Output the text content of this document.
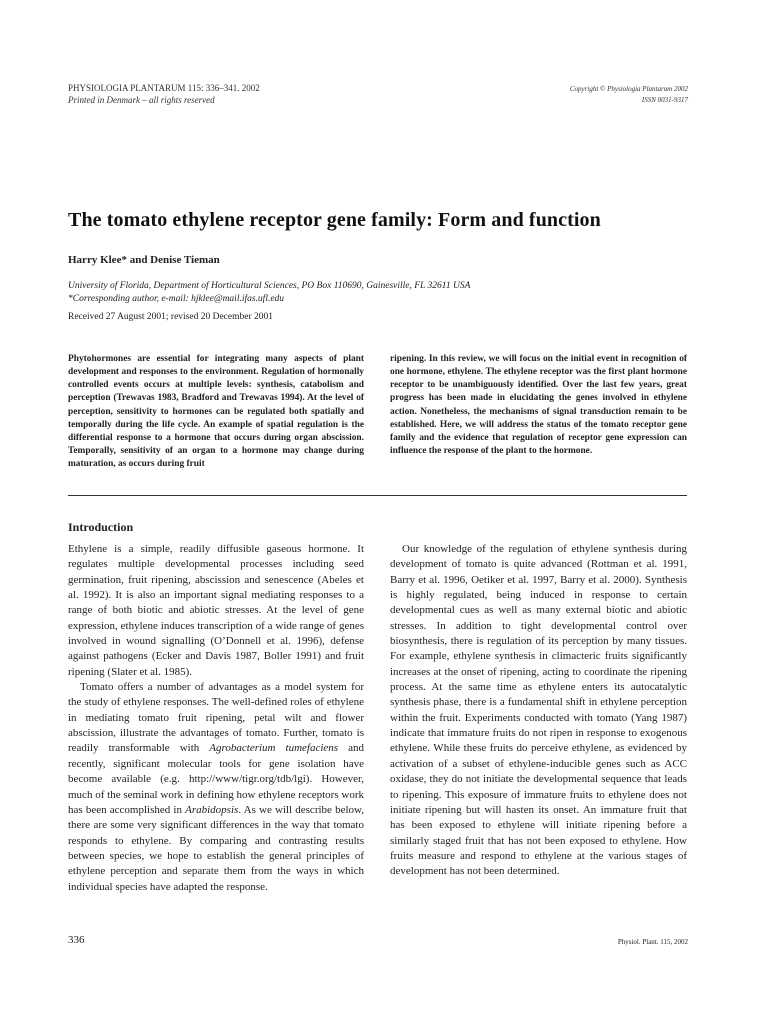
PHYSIOLOGIA PLANTARUM 115: 336–341. 2002
Printed in Denmark – all rights reserved
Copyright © Physiologia Plantarum 2002
ISSN 0031-9317
The tomato ethylene receptor gene family: Form and function
Harry Klee* and Denise Tieman
University of Florida, Department of Horticultural Sciences, PO Box 110690, Gainesville, FL 32611 USA
*Corresponding author, e-mail: hjklee@mail.ifas.ufl.edu
Received 27 August 2001; revised 20 December 2001
Phytohormones are essential for integrating many aspects of plant development and responses to the environment. Regulation of hormonally controlled events occurs at multiple levels: synthesis, catabolism and perception (Trewavas 1983, Bradford and Trewavas 1994). At the level of perception, sensitivity to hormones can be regulated both spatially and temporally during the life cycle. An example of spatial regulation is the differential response to a hormone that occurs during organ abscission. Temporally, sensitivity of an organ to a hormone may change during maturation, as occurs during fruit
ripening. In this review, we will focus on the initial event in recognition of one hormone, ethylene. The ethylene receptor was the first plant hormone receptor to be unambiguously identified. Over the last few years, great progress has been made in elucidating the genes involved in ethylene action. Nonetheless, the mechanisms of signal transduction remain to be established. Here, we will address the status of the tomato receptor gene family and the evidence that regulation of receptor gene expression can influence the response of the plant to the hormone.
Introduction

Ethylene is a simple, readily diffusible gaseous hormone. It regulates multiple developmental processes including seed germination, fruit ripening, abscission and senescence (Abeles et al. 1992). It is also an important signal mediating responses to a range of both biotic and abiotic stresses. At the level of gene expression, ethylene induces transcription of a wide range of genes involved in wound signalling (O’Donnell et al. 1996), defense against pathogens (Ecker and Davis 1987, Boller 1991) and fruit ripening (Slater et al. 1985).

Tomato offers a number of advantages as a model system for the study of ethylene responses. The well-defined roles of ethylene in mediating tomato fruit ripening, petal wilt and flower abscission, illustrate the advantages of tomato. Further, tomato is readily transformable with Agrobacterium tumefaciens and recently, significant molecular tools for gene isolation have become available (e.g. http://www/tigr.org/tdb/lgi). However, much of the seminal work in defining how ethylene receptors work has been accomplished in Arabidopsis. As we will describe below, there are some very significant differences in the way that tomato responds to ethylene. By comparing and contrasting results between species, we hope to establish the general principles of ethylene perception and separate them from the ways in which individual species have adapted the response.

Our knowledge of the regulation of ethylene synthesis during development of tomato is quite advanced (Rottman et al. 1991, Barry et al. 1996, Oetiker et al. 1997, Barry et al. 2000). Synthesis is highly regulated, being induced in response to certain developmental cues as well as many external biotic and abiotic stresses. In addition to tight developmental control over biosynthesis, there is regulation of its perception by many tissues. For example, ethylene synthesis in climacteric fruits significantly increases at the onset of ripening, acting to coordinate the ripening process. At the same time as ethylene enters its autocatalytic synthesis phase, there is a fundamental shift in ethylene perception within the fruit. Experiments conducted with tomato (Yang 1987) indicate that immature fruits do not ripen in response to exogenous ethylene. While these fruits do perceive ethylene, as evidenced by activation of a subset of ethylene-inducible genes such as ACC oxidase, they do not initiate the developmental sequence that leads to ripening. This exposure of immature fruits to ethylene does not initiate ripening but will hasten its onset. An immature fruit that has been exposed to ethylene will initiate ripening before a similarly staged fruit that has not been exposed to ethylene. How fruits measure and respond to ethylene at the various stages of development has not been determined.

336	Physiol. Plant. 115, 2002
